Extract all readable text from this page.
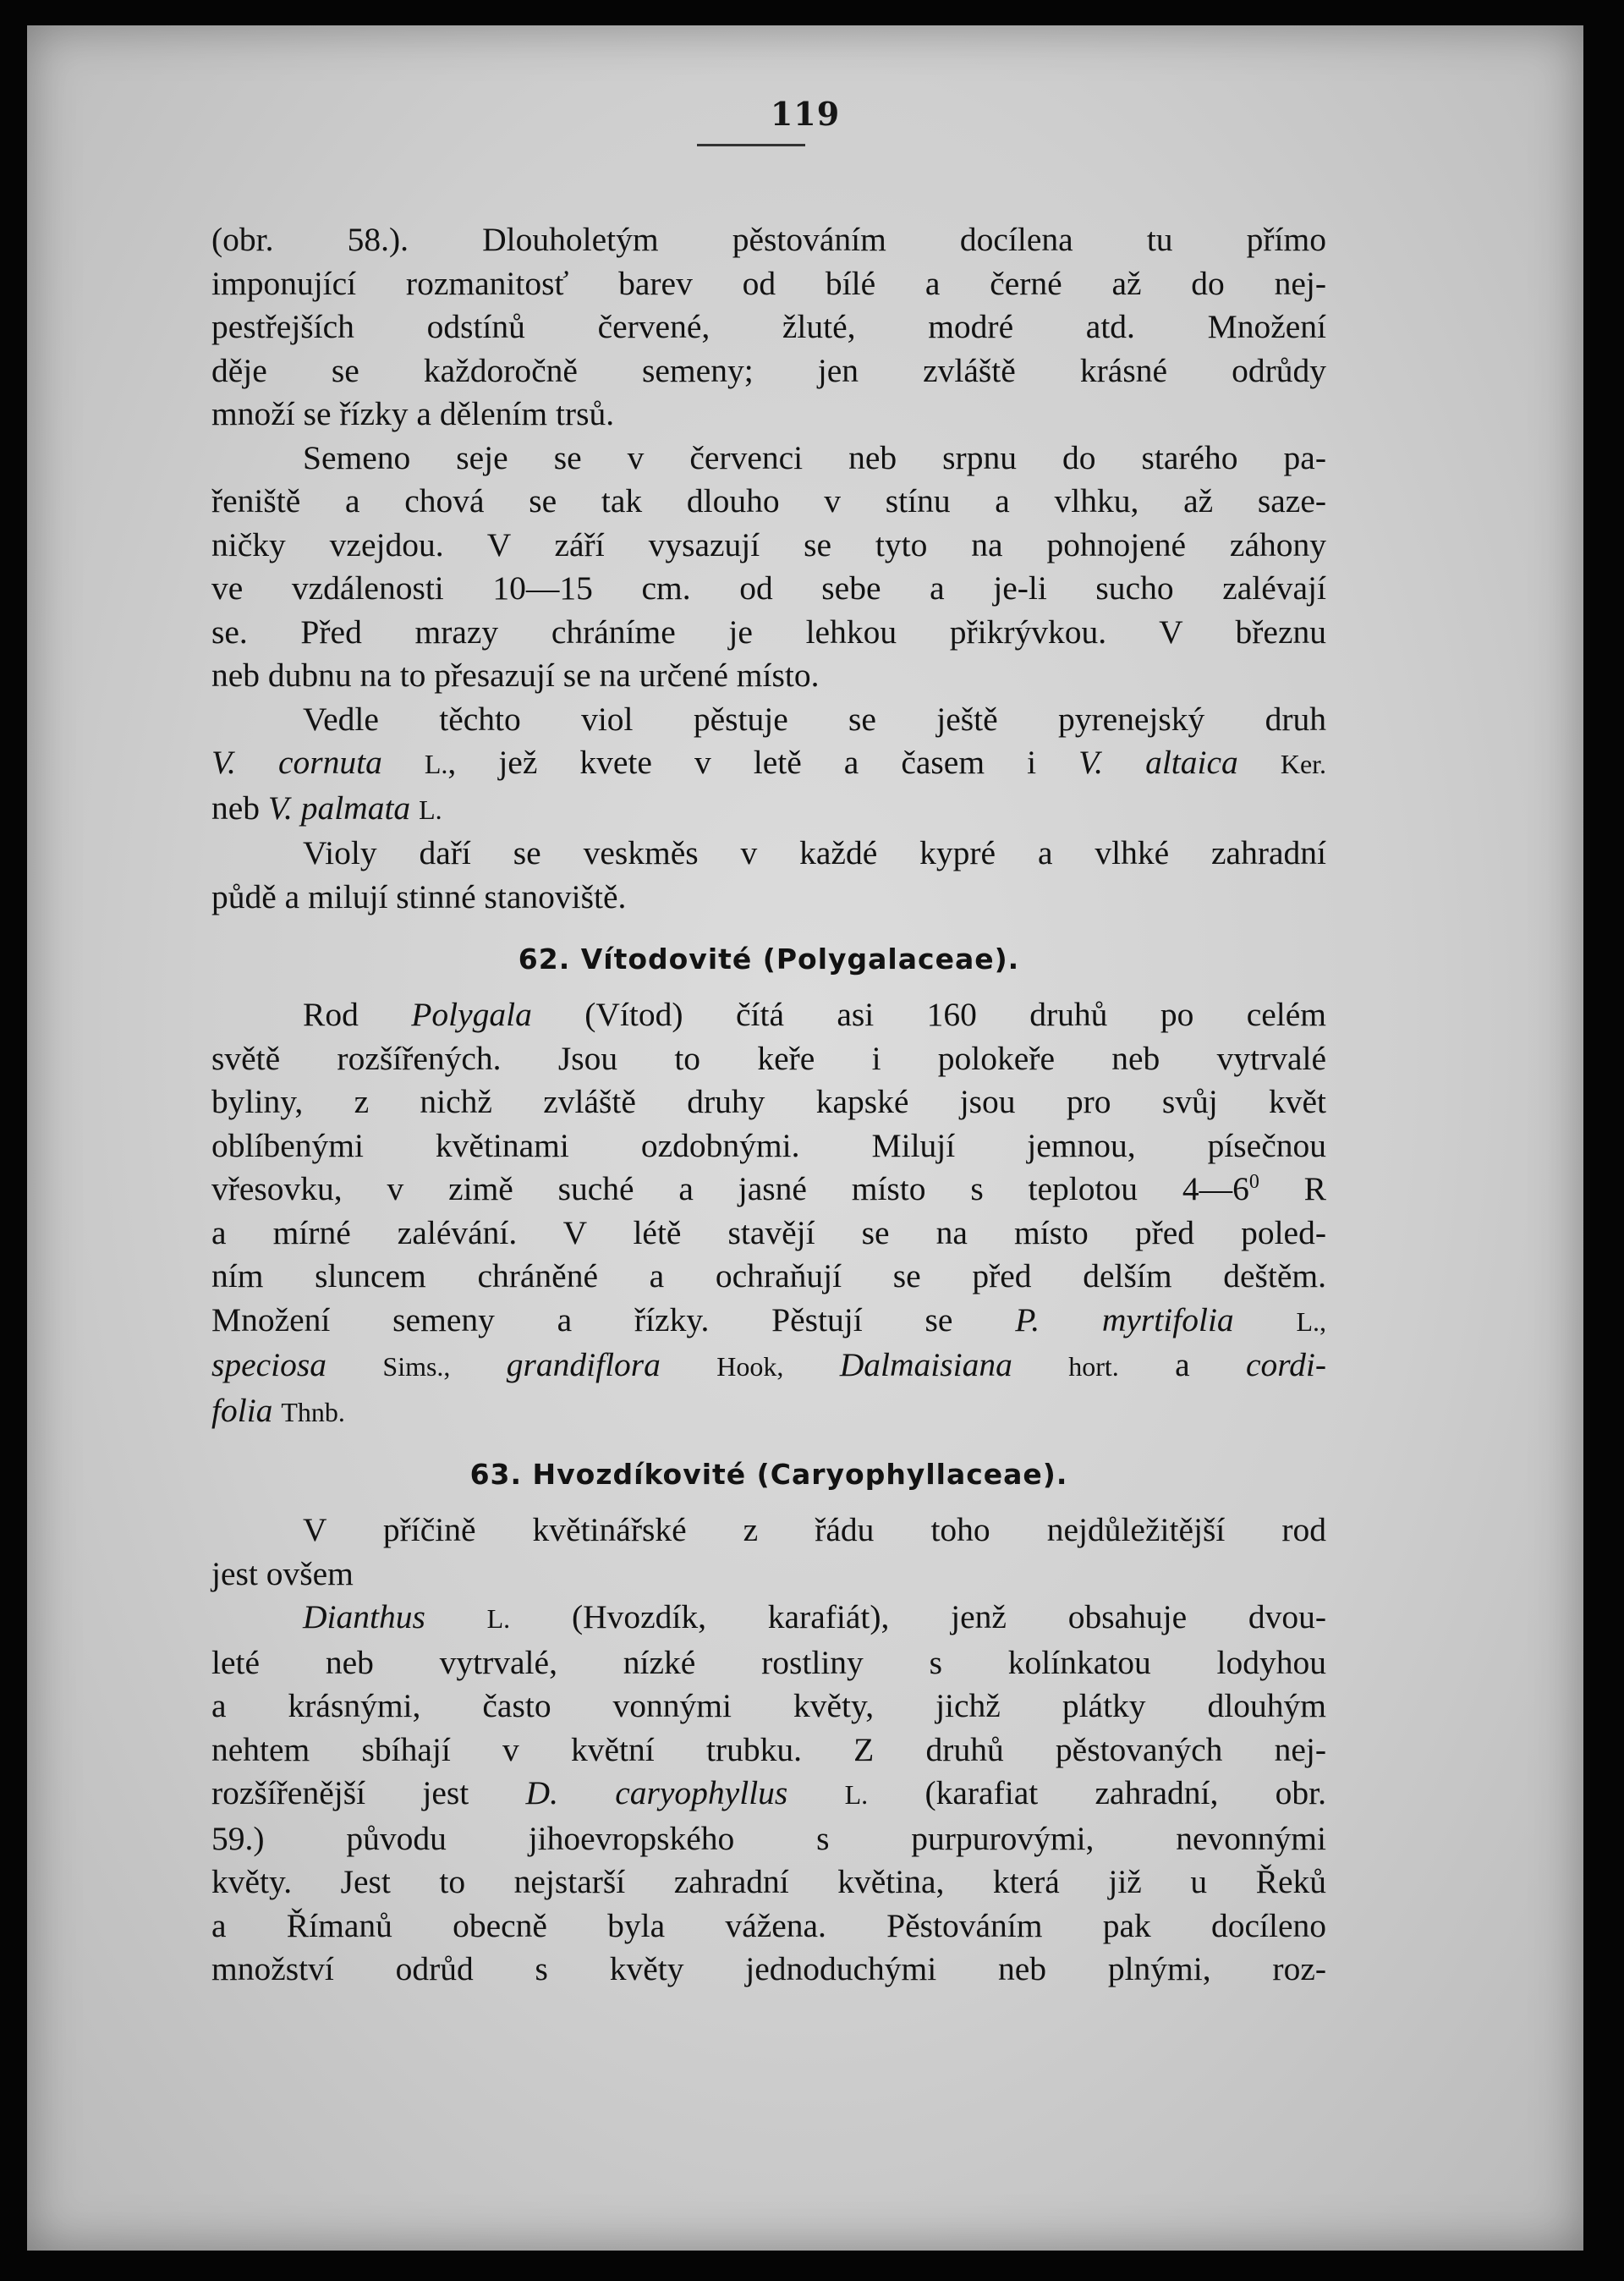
119
(obr. 58.). Dlouholetým pěstováním docílena tu přímo
imponující rozmanitosť barev od bílé a černé až do nej-
pestřejších odstínů červené, žluté, modré atd. Množení
děje se každoročně semeny; jen zvláště krásné odrůdy
množí se řízky a dělením trsů.
Semeno seje se v červenci neb srpnu do starého pa-
řeniště a chová se tak dlouho v stínu a vlhku, až saze-
ničky vzejdou. V září vysazují se tyto na pohnojené záhony
ve vzdálenosti 10—15 cm. od sebe a je-li sucho zalévají
se. Před mrazy chráníme je lehkou přikrývkou. V březnu
neb dubnu na to přesazují se na určené místo.
Vedle těchto viol pěstuje se ještě pyrenejský druh
V. cornuta L., jež kvete v letě a časem i V. altaica Ker.
neb V. palmata L.
Violy daří se veskměs v každé kypré a vlhké zahradní
půdě a milují stinné stanoviště.
62. Vítodovité (Polygalaceae).
Rod Polygala (Vítod) čítá asi 160 druhů po celém
světě rozšířených. Jsou to keře i polokeře neb vytrvalé
byliny, z nichž zvláště druhy kapské jsou pro svůj květ
oblíbenými květinami ozdobnými. Milují jemnou, písečnou
vřesovku, v zimě suché a jasné místo s teplotou $4—6^0$ R
a mírné zalévání. V létě stavějí se na místo před poled-
ním sluncem chráněné a ochraňují se před delším deštěm.
Množení semeny a řízky. Pěstují se P. myrtifolia L.,
speciosa Sims., grandiflora Hook, Dalmaisiana hort. a cordi-
folia Thnb.
63. Hvozdíkovité (Caryophyllaceae).
V příčině květinářské z řádu toho nejdůležitější rod
jest ovšem
Dianthus L. (Hvozdík, karafiát), jenž obsahuje dvou-
leté neb vytrvalé, nízké rostliny s kolínkatou lodyhou
a krásnými, často vonnými květy, jichž plátky dlouhým
nehtem sbíhají v květní trubku. Z druhů pěstovaných nej-
rozšířenější jest D. caryophyllus L. (karafiat zahradní, obr.
59.) původu jihoevropského s purpurovými, nevonnými
květy. Jest to nejstarší zahradní květina, která již u Řeků
a Římanů obecně byla vážena. Pěstováním pak docíleno
množství odrůd s květy jednoduchými neb plnými, roz-
